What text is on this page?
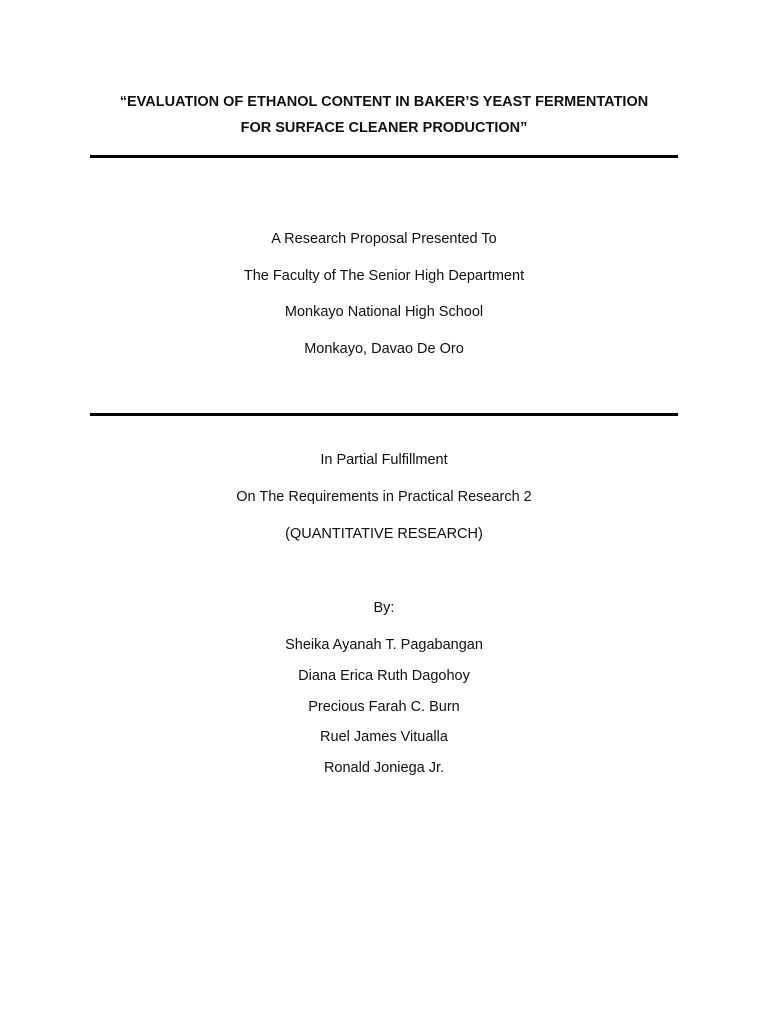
“EVALUATION OF ETHANOL CONTENT IN BAKER’S YEAST FERMENTATION
FOR SURFACE CLEANER PRODUCTION”
A Research Proposal Presented To
The Faculty of The Senior High Department
Monkayo National High School
Monkayo, Davao De Oro
In Partial Fulfillment
On The Requirements in Practical Research 2
(QUANTITATIVE RESEARCH)
By:
Sheika Ayanah T. Pagabangan
Diana Erica Ruth Dagohoy
Precious Farah C. Burn
Ruel James Vitualla
Ronald Joniega Jr.
